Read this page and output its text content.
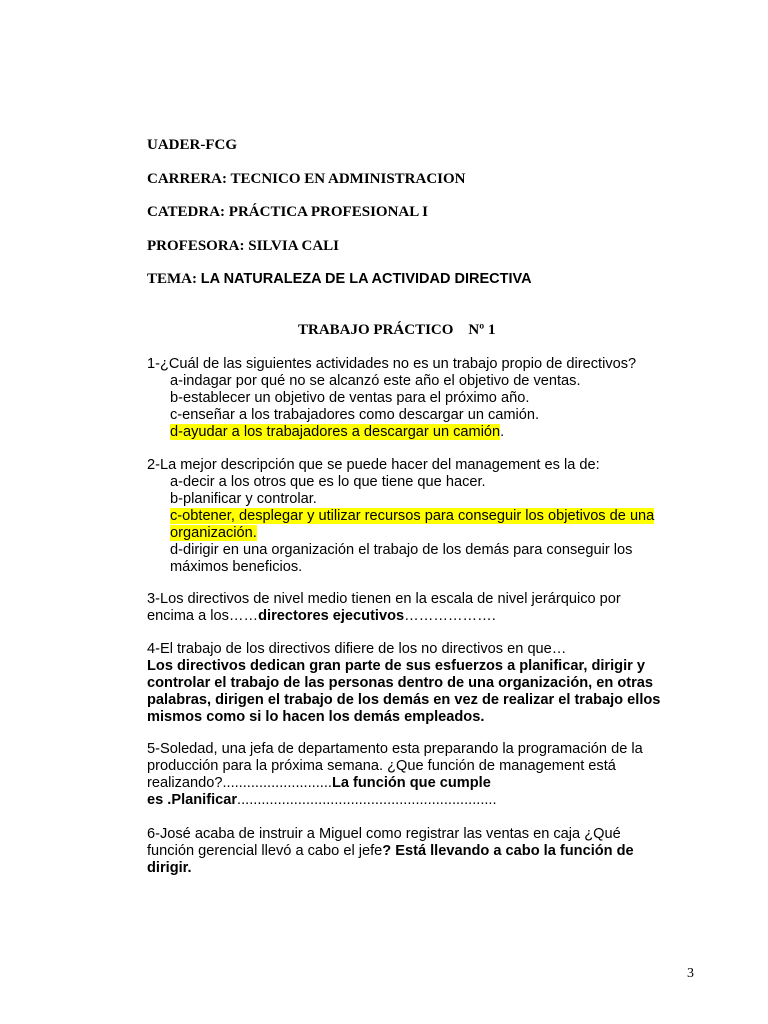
UADER-FCG
CARRERA: TECNICO EN ADMINISTRACION
CATEDRA: PRÁCTICA PROFESIONAL I
PROFESORA: SILVIA CALI
TEMA: LA NATURALEZA DE LA ACTIVIDAD DIRECTIVA
TRABAJO PRÁCTICO    Nº 1

1-¿Cuál de las siguientes actividades no es un trabajo propio de directivos?

a-indagar por qué no se alcanzó este año el objetivo de ventas.

b-establecer un objetivo de ventas para el próximo año.

c-enseñar a los trabajadores como descargar un camión.

d-ayudar a los trabajadores a descargar un camión.

2-La mejor descripción que se puede hacer del management es la de:

a-decir a los otros que es lo que tiene que hacer.

b-planificar y controlar.

c-obtener, desplegar y utilizar recursos para conseguir los objetivos de una

organización.

d-dirigir en una organización el trabajo de los demás para conseguir los

máximos beneficios.

3-Los directivos de nivel medio tienen en la escala de nivel jerárquico por

encima a los……directores ejecutivos……………….

4-El trabajo de los directivos difiere de los no directivos en que…

Los directivos dedican gran parte de sus esfuerzos a planificar, dirigir y controlar el trabajo de las personas dentro de una organización, en otras palabras, dirigen el trabajo de los demás en vez de realizar el trabajo ellos mismos como si lo hacen los demás empleados.

5-Soledad, una jefa de departamento esta preparando la programación de la

producción para la próxima semana. ¿Que función de management está

realizando?...........................La función que cumple

es .Planificar................................................................

6-José acaba de instruir a Miguel como registrar las ventas en caja ¿Qué

función gerencial llevó a cabo el jefe? Está llevando a cabo la función de

dirigir.

3
